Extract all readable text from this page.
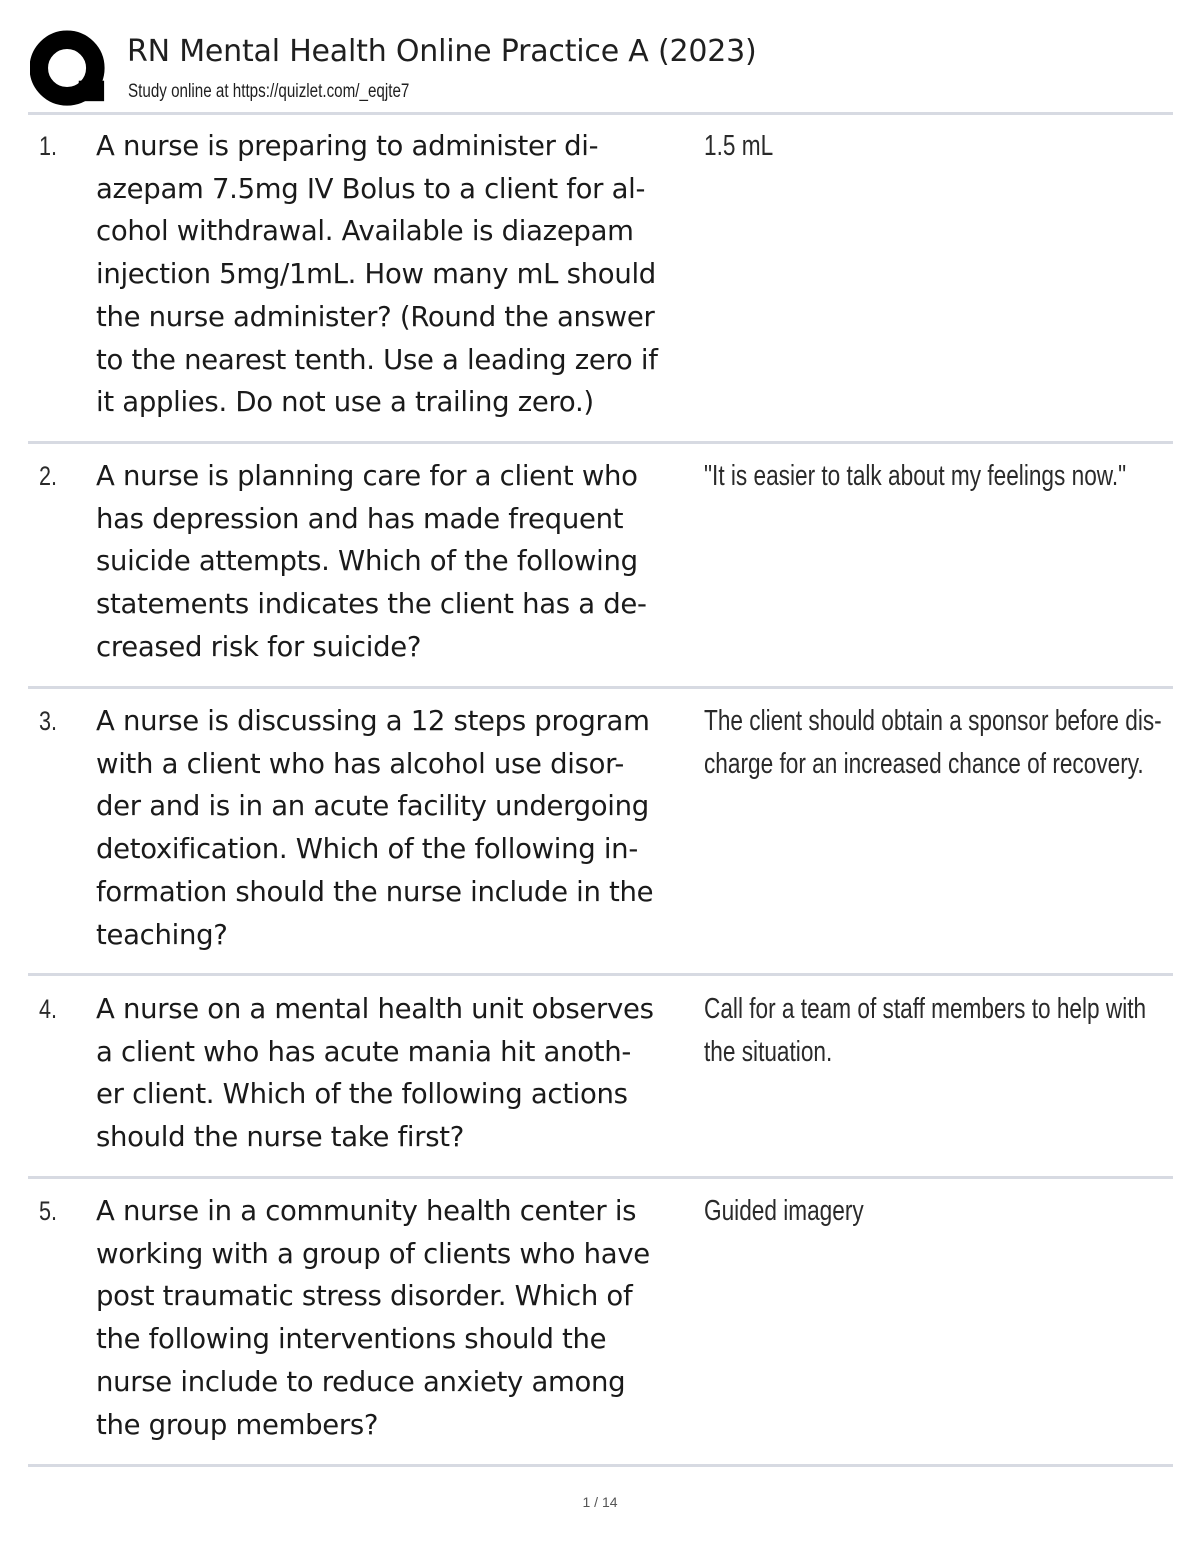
RN Mental Health Online Practice A (2023)
Study online at https://quizlet.com/_eqjte7
1. A nurse is preparing to administer di-
azepam 7.5mg IV Bolus to a client for al-
cohol withdrawal. Available is diazepam
injection 5mg/1mL. How many mL should
the nurse administer? (Round the answer
to the nearest tenth. Use a leading zero if
it applies. Do not use a trailing zero.)
1.5 mL
2. A nurse is planning care for a client who
has depression and has made frequent
suicide attempts. Which of the following
statements indicates the client has a de-
creased risk for suicide?
"It is easier to talk about my feelings now."
3. A nurse is discussing a 12 steps program
with a client who has alcohol use disor-
der and is in an acute facility undergoing
detoxification. Which of the following in-
formation should the nurse include in the
teaching?
The client should obtain a sponsor before dis-
charge for an increased chance of recovery.
4. A nurse on a mental health unit observes
a client who has acute mania hit anoth-
er client. Which of the following actions
should the nurse take first?
Call for a team of staff members to help with
the situation.
5. A nurse in a community health center is
working with a group of clients who have
post traumatic stress disorder. Which of
the following interventions should the
nurse include to reduce anxiety among
the group members?
Guided imagery
1 / 14
